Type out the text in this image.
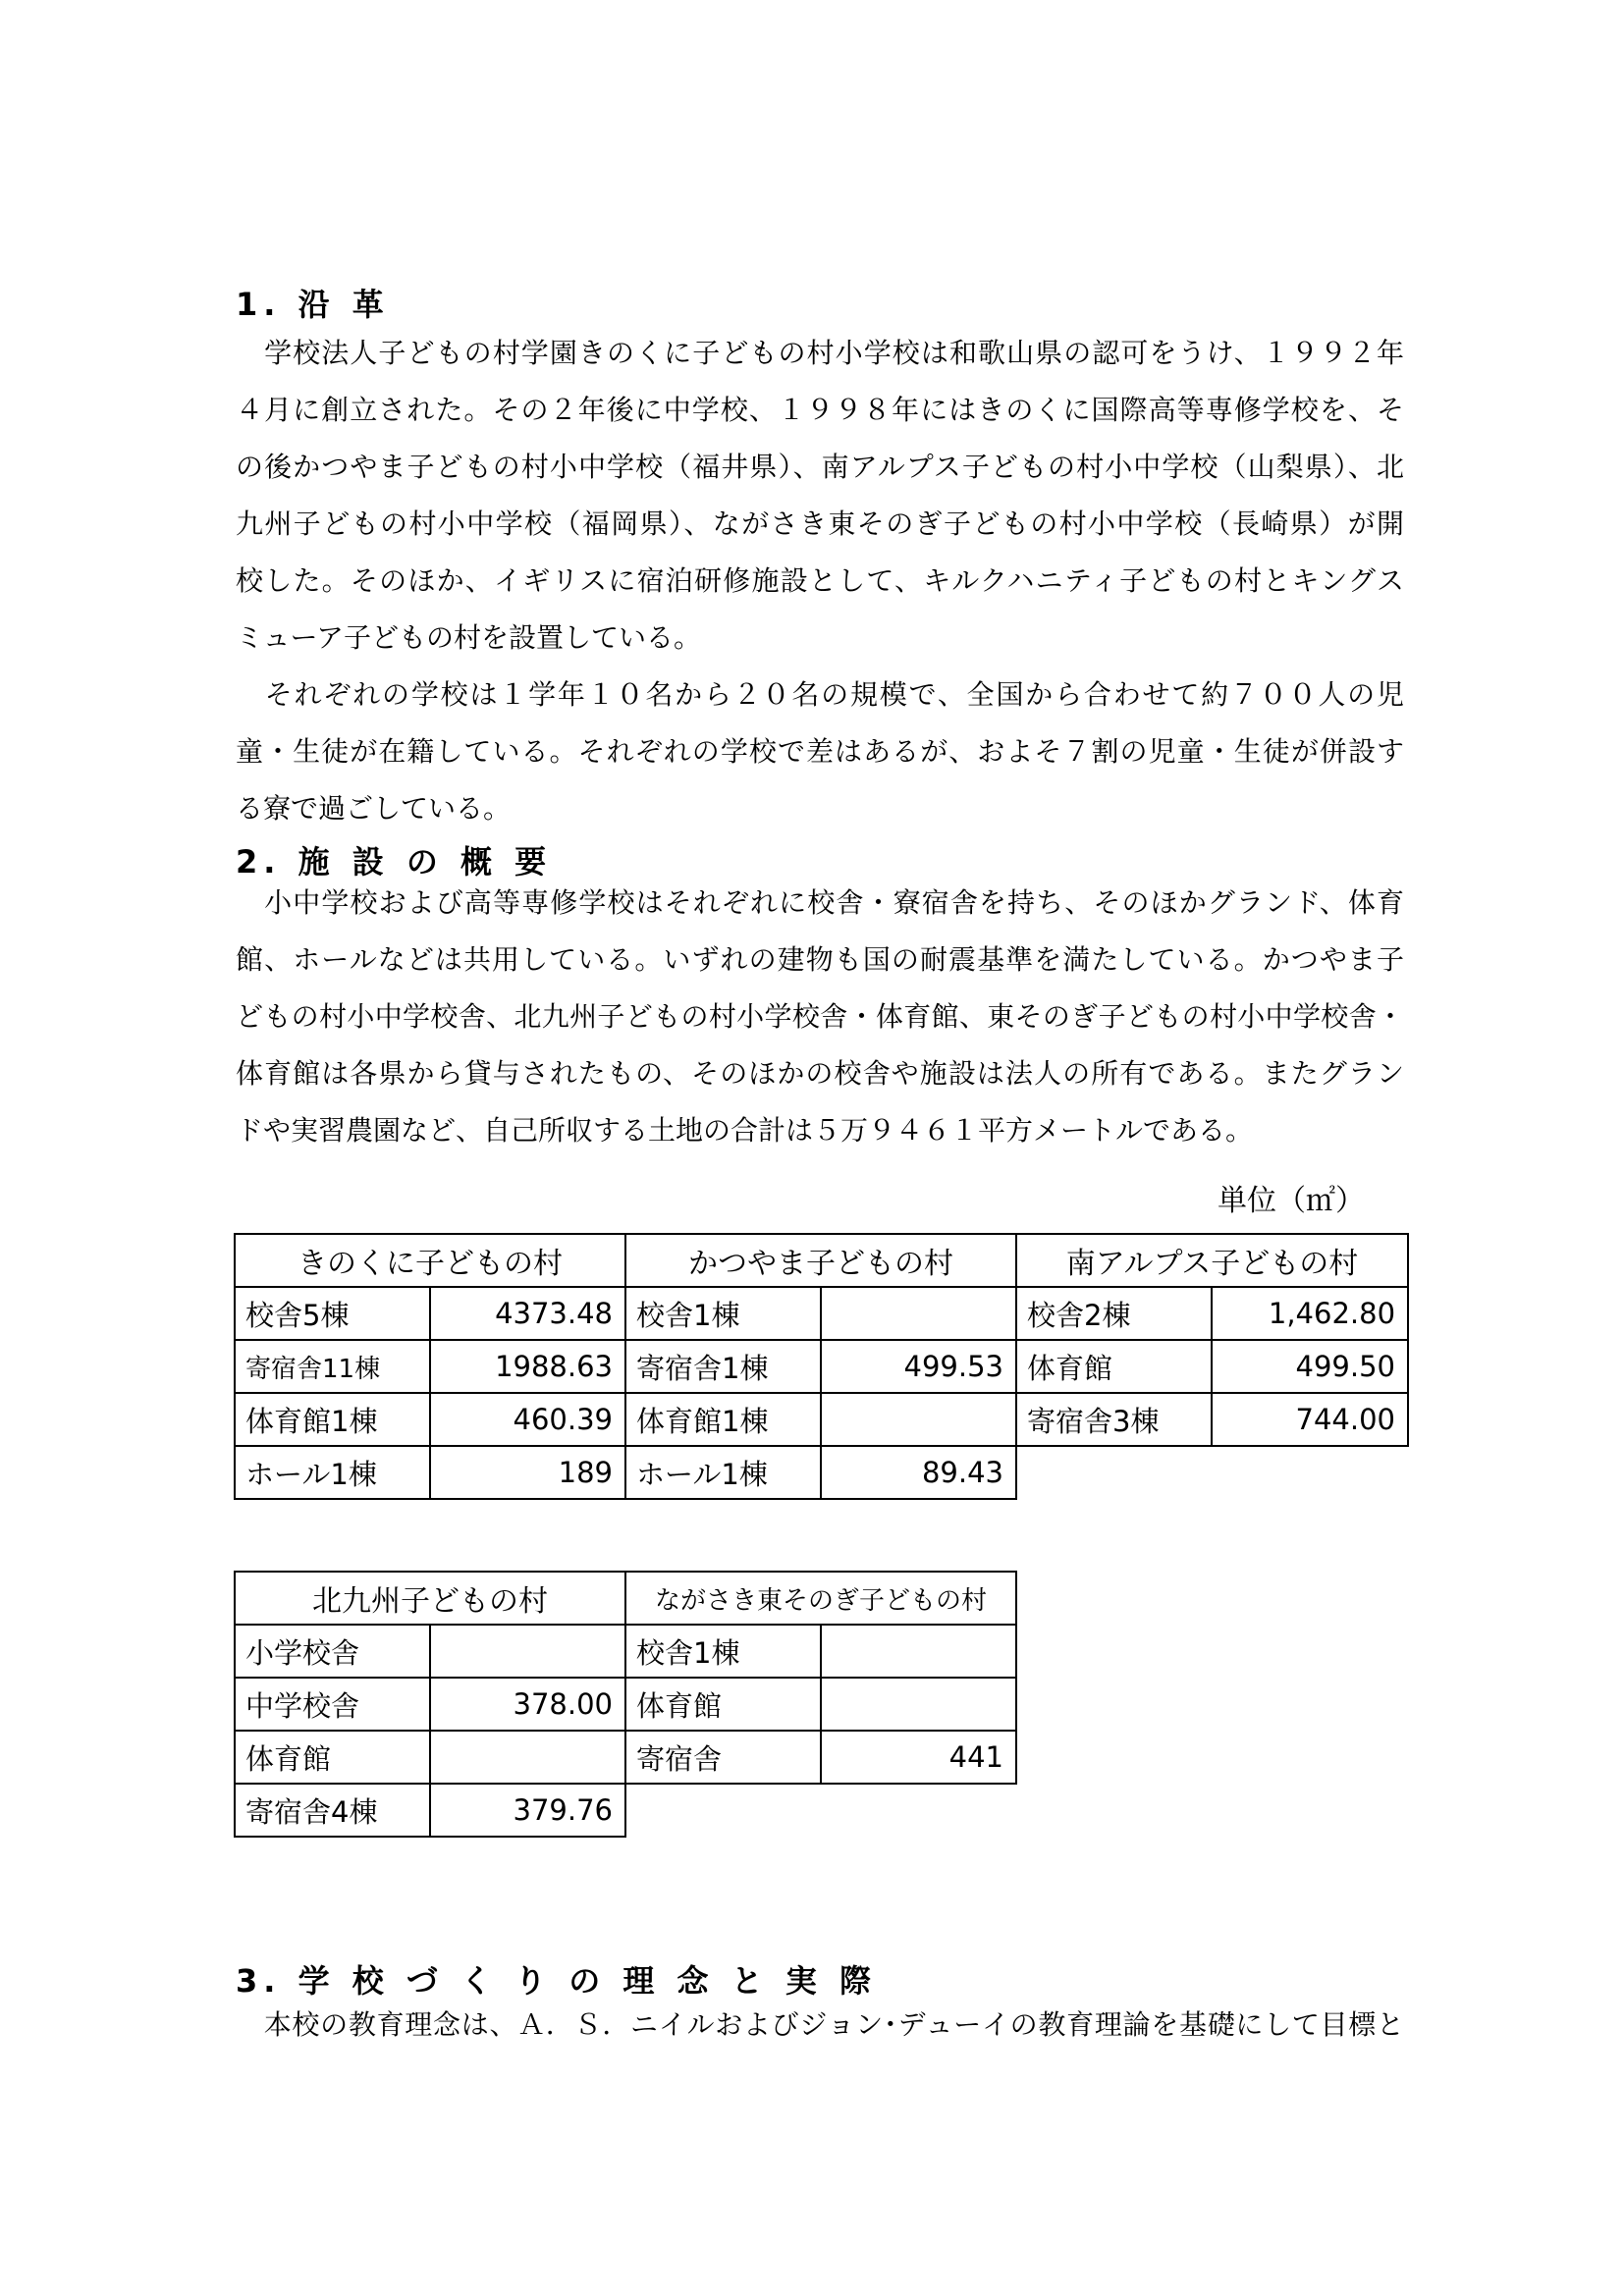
1. 沿 革

　学校法人子どもの村学園きのくに子どもの村小学校は和歌山県の認可をうけ、１９９２年

４月に創立された。その２年後に中学校、１９９８年にはきのくに国際高等専修学校を、そ

の後かつやま子どもの村小中学校（福井県）、南アルプス子どもの村小中学校（山梨県）、北

九州子どもの村小中学校（福岡県）、ながさき東そのぎ子どもの村小中学校（長崎県）が開

校した。そのほか、イギリスに宿泊研修施設として、キルクハニティ子どもの村とキングス

ミューア子どもの村を設置している。

　それぞれの学校は１学年１０名から２０名の規模で、全国から合わせて約７００人の児

童・生徒が在籍している。それぞれの学校で差はあるが、およそ７割の児童・生徒が併設す

る寮で過ごしている。

2. 施 設 の 概 要

　小中学校および高等専修学校はそれぞれに校舎・寮宿舎を持ち、そのほかグランド、体育

館、ホールなどは共用している。いずれの建物も国の耐震基準を満たしている。かつやま子

どもの村小中学校舎、北九州子どもの村小学校舎・体育館、東そのぎ子どもの村小中学校舎・

体育館は各県から貸与されたもの、そのほかの校舎や施設は法人の所有である。またグラン

ドや実習農園など、自己所収する土地の合計は５万９４６１平方メートルである。

単位（㎡）
きのくに子どもの村		かつやま子どもの村		南アルプス子どもの村	
校舎5棟	4373.48	校舎1棟		校舎2棟	1,462.80
寄宿舎11棟	1988.63	寄宿舎1棟	499.53	体育館	499.50
体育館1棟	460.39	体育館1棟		寄宿舎3棟	744.00
ホール1棟	189	ホール1棟	89.43		
北九州子どもの村		ながさき東そのぎ子どもの村	
小学校舎		校舎1棟	
中学校舎	378.00	体育館	
体育館		寄宿舎	441
寄宿舎4棟	379.76		
3. 学 校 づ く り の 理 念 と 実 際

　本校の教育理念は、Ａ．Ｓ．ニイルおよびジョン･デューイの教育理論を基礎にして目標と
